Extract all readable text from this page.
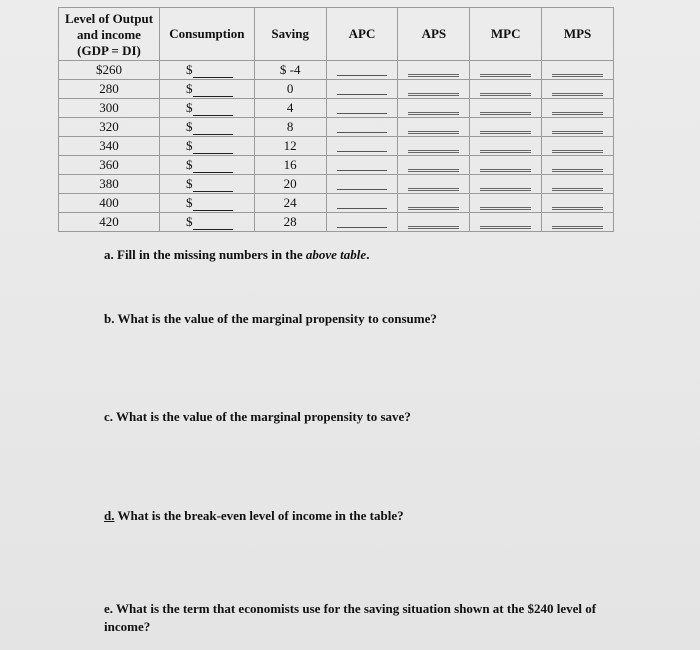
Level of Output
and income
(GDP = DI)	Consumption	Saving	APC	APS	MPC	MPS
$260	$	$ -4	

280	$	0	

300	$	4	

320	$	8	

340	$	12	

360	$	16	

380	$	20	

400	$	24	

420	$	28	

a. Fill in the missing numbers in the above table.
b. What is the value of the marginal propensity to consume?
c. What is the value of the marginal propensity to save?
d. What is the break-even level of income in the table?
e. What is the term that economists use for the saving situation shown at the $240 level of
income?
